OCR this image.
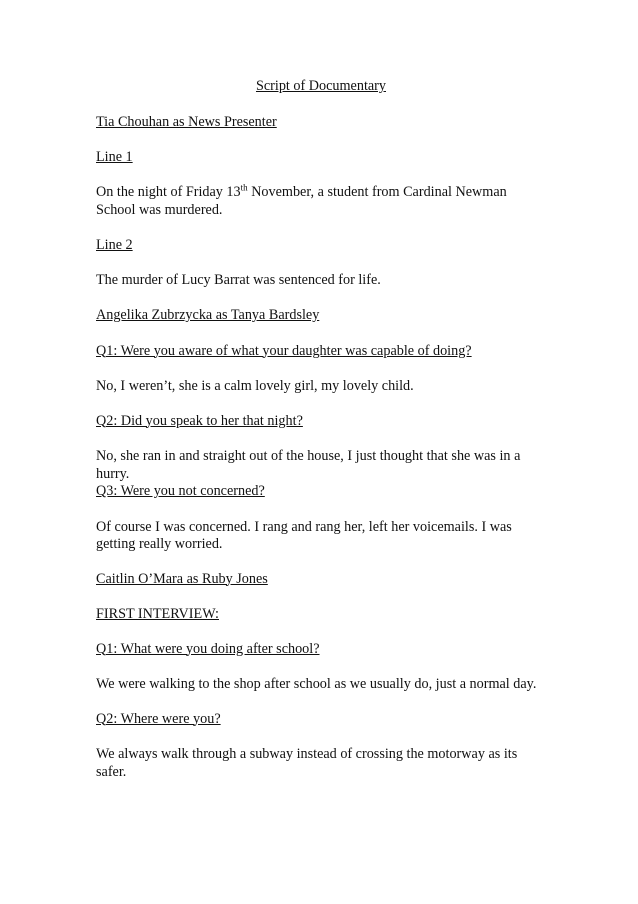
Script of Documentary

Tia Chouhan as News Presenter

Line 1

On the night of Friday 13th November, a student from Cardinal Newman School was murdered.

Line 2

The murder of Lucy Barrat was sentenced for life.

Angelika Zubrzycka as Tanya Bardsley

Q1: Were you aware of what your daughter was capable of doing?

No, I weren’t, she is a calm lovely girl, my lovely child.

Q2: Did you speak to her that night?

No, she ran in and straight out of the house, I just thought that she was in a hurry.

Q3: Were you not concerned?

Of course I was concerned. I rang and rang her, left her voicemails. I was getting really worried.

Caitlin O’Mara as Ruby Jones

FIRST INTERVIEW:

Q1: What were you doing after school?

We were walking to the shop after school as we usually do, just a normal day.

Q2: Where were you?

We always walk through a subway instead of crossing the motorway as its safer.
